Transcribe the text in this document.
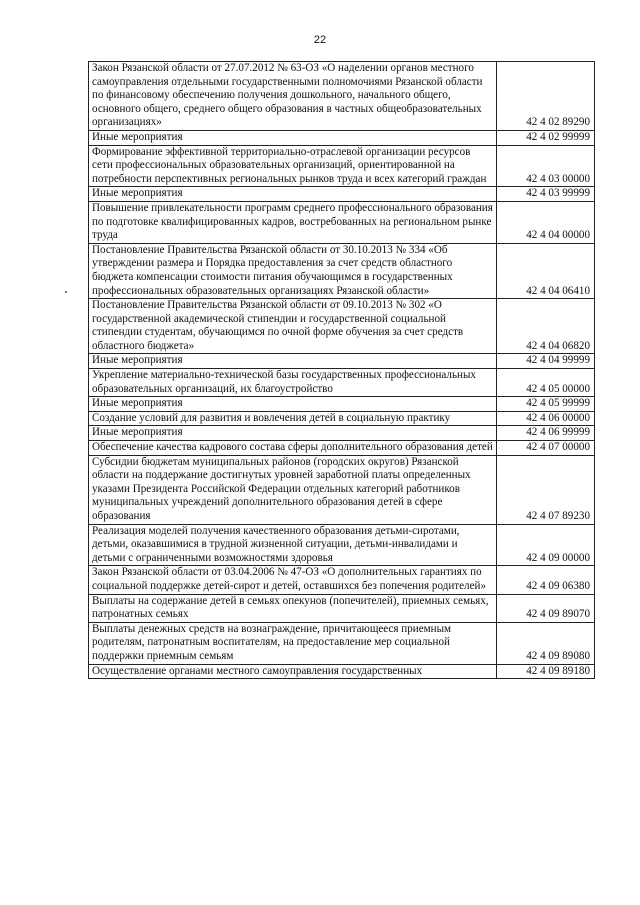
22
Закон Рязанской области от 27.07.2012 № 63-ОЗ «О наделении органов местного самоуправления отдельными государственными полномочиями Рязанской области по финансовому обеспечению получения дошкольного, начального общего, основного общего, среднего общего образования в частных общеобразовательных организациях»	42 4 02 89290
Иные мероприятия	42 4 02 99999
Формирование эффективной территориально-отраслевой организации ресурсов сети профессиональных образовательных организаций, ориентированной на потребности перспективных региональных рынков труда и всех категорий граждан	42 4 03 00000
Иные мероприятия	42 4 03 99999
Повышение привлекательности программ среднего профессионального образования по подготовке квалифицированных кадров, востребованных на региональном рынке труда	42 4 04 00000
Постановление Правительства Рязанской области от 30.10.2013 № 334 «Об утверждении размера и Порядка предоставления за счет средств областного бюджета компенсации стоимости питания обучающимся в государственных профессиональных образовательных организациях Рязанской области»	42 4 04 06410
Постановление Правительства Рязанской области от 09.10.2013 № 302 «О государственной академической стипендии и государственной социальной стипендии студентам, обучающимся по очной форме обучения за счет средств областного бюджета»	42 4 04 06820
Иные мероприятия	42 4 04 99999
Укрепление материально-технической базы государственных профессиональных образовательных организаций, их благоустройство	42 4 05 00000
Иные мероприятия	42 4 05 99999
Создание условий для развития и вовлечения детей в социальную практику	42 4 06 00000
Иные мероприятия	42 4 06 99999
Обеспечение качества кадрового состава сферы дополнительного образования детей	42 4 07 00000
Субсидии бюджетам муниципальных районов (городских округов) Рязанской области на поддержание достигнутых уровней заработной платы определенных указами Президента Российской Федерации отдельных категорий работников муниципальных учреждений дополнительного образования детей в сфере образования	42 4 07 89230
Реализация моделей получения качественного образования детьми-сиротами, детьми, оказавшимися в трудной жизненной ситуации, детьми-инвалидами и детьми с ограниченными возможностями здоровья	42 4 09 00000
Закон Рязанской области от 03.04.2006 № 47-ОЗ «О дополнительных гарантиях по социальной поддержке детей-сирот и детей, оставшихся без попечения родителей»	42 4 09 06380
Выплаты на содержание детей в семьях опекунов (попечителей), приемных семьях, патронатных семьях	42 4 09 89070
Выплаты денежных средств на вознаграждение, причитающееся приемным родителям, патронатным воспитателям, на предоставление мер социальной поддержки приемным семьям	42 4 09 89080
Осуществление органами местного самоуправления государственных	42 4 09 89180
